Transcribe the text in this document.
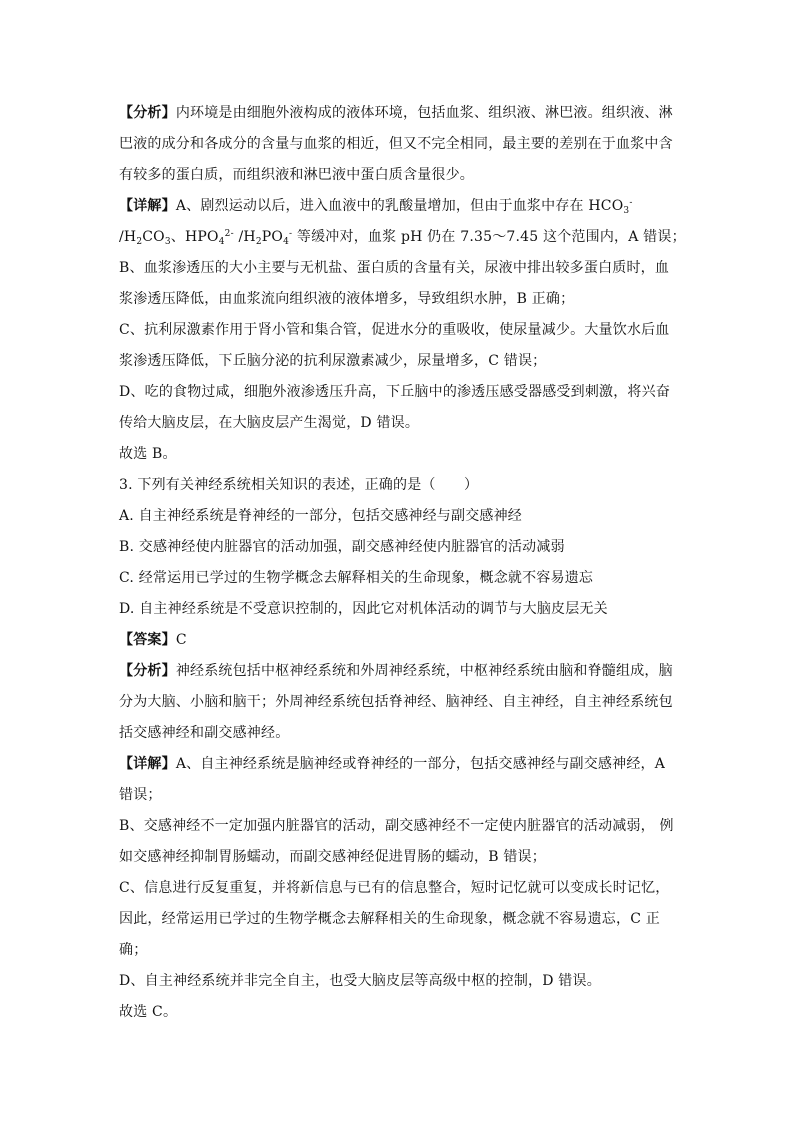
【分析】内环境是由细胞外液构成的液体环境，包括血浆、组织液、淋巴液。组织液、淋
巴液的成分和各成分的含量与血浆的相近，但又不完全相同，最主要的差别在于血浆中含
有较多的蛋白质，而组织液和淋巴液中蛋白质含量很少。
【详解】A、剧烈运动以后，进入血液中的乳酸量增加，但由于血浆中存在 $HCO_3^-$
$/H_2CO_3$、$HPO_4^{2-}$ $/H_2PO_4^-$ 等缓冲对，血浆 pH 仍在 7.35～7.45 这个范围内，A 错误；
B、血浆渗透压的大小主要与无机盐、蛋白质的含量有关，尿液中排出较多蛋白质时，血
浆渗透压降低，由血浆流向组织液的液体增多，导致组织水肿，B 正确；
C、抗利尿激素作用于肾小管和集合管，促进水分的重吸收，使尿量减少。大量饮水后血
浆渗透压降低，下丘脑分泌的抗利尿激素减少，尿量增多，C 错误；
D、吃的食物过咸，细胞外液渗透压升高，下丘脑中的渗透压感受器感受到刺激，将兴奋
传给大脑皮层，在大脑皮层产生渴觉，D 错误。
故选 B。
3. 下列有关神经系统相关知识的表述，正确的是（　　）
A. 自主神经系统是脊神经的一部分，包括交感神经与副交感神经
B. 交感神经使内脏器官的活动加强，副交感神经使内脏器官的活动减弱
C. 经常运用已学过的生物学概念去解释相关的生命现象，概念就不容易遗忘
D. 自主神经系统是不受意识控制的，因此它对机体活动的调节与大脑皮层无关
【答案】C
【分析】神经系统包括中枢神经系统和外周神经系统，中枢神经系统由脑和脊髓组成，脑
分为大脑、小脑和脑干；外周神经系统包括脊神经、脑神经、自主神经，自主神经系统包
括交感神经和副交感神经。
【详解】A、自主神经系统是脑神经或脊神经的一部分，包括交感神经与副交感神经，A
错误；
B、交感神经不一定加强内脏器官的活动，副交感神经不一定使内脏器官的活动减弱， 例
如交感神经抑制胃肠蠕动，而副交感神经促进胃肠的蠕动，B 错误；
C、信息进行反复重复，并将新信息与已有的信息整合，短时记忆就可以变成长时记忆，
因此，经常运用已学过的生物学概念去解释相关的生命现象，概念就不容易遗忘，C 正
确；
D、自主神经系统并非完全自主，也受大脑皮层等高级中枢的控制，D 错误。
故选 C。
